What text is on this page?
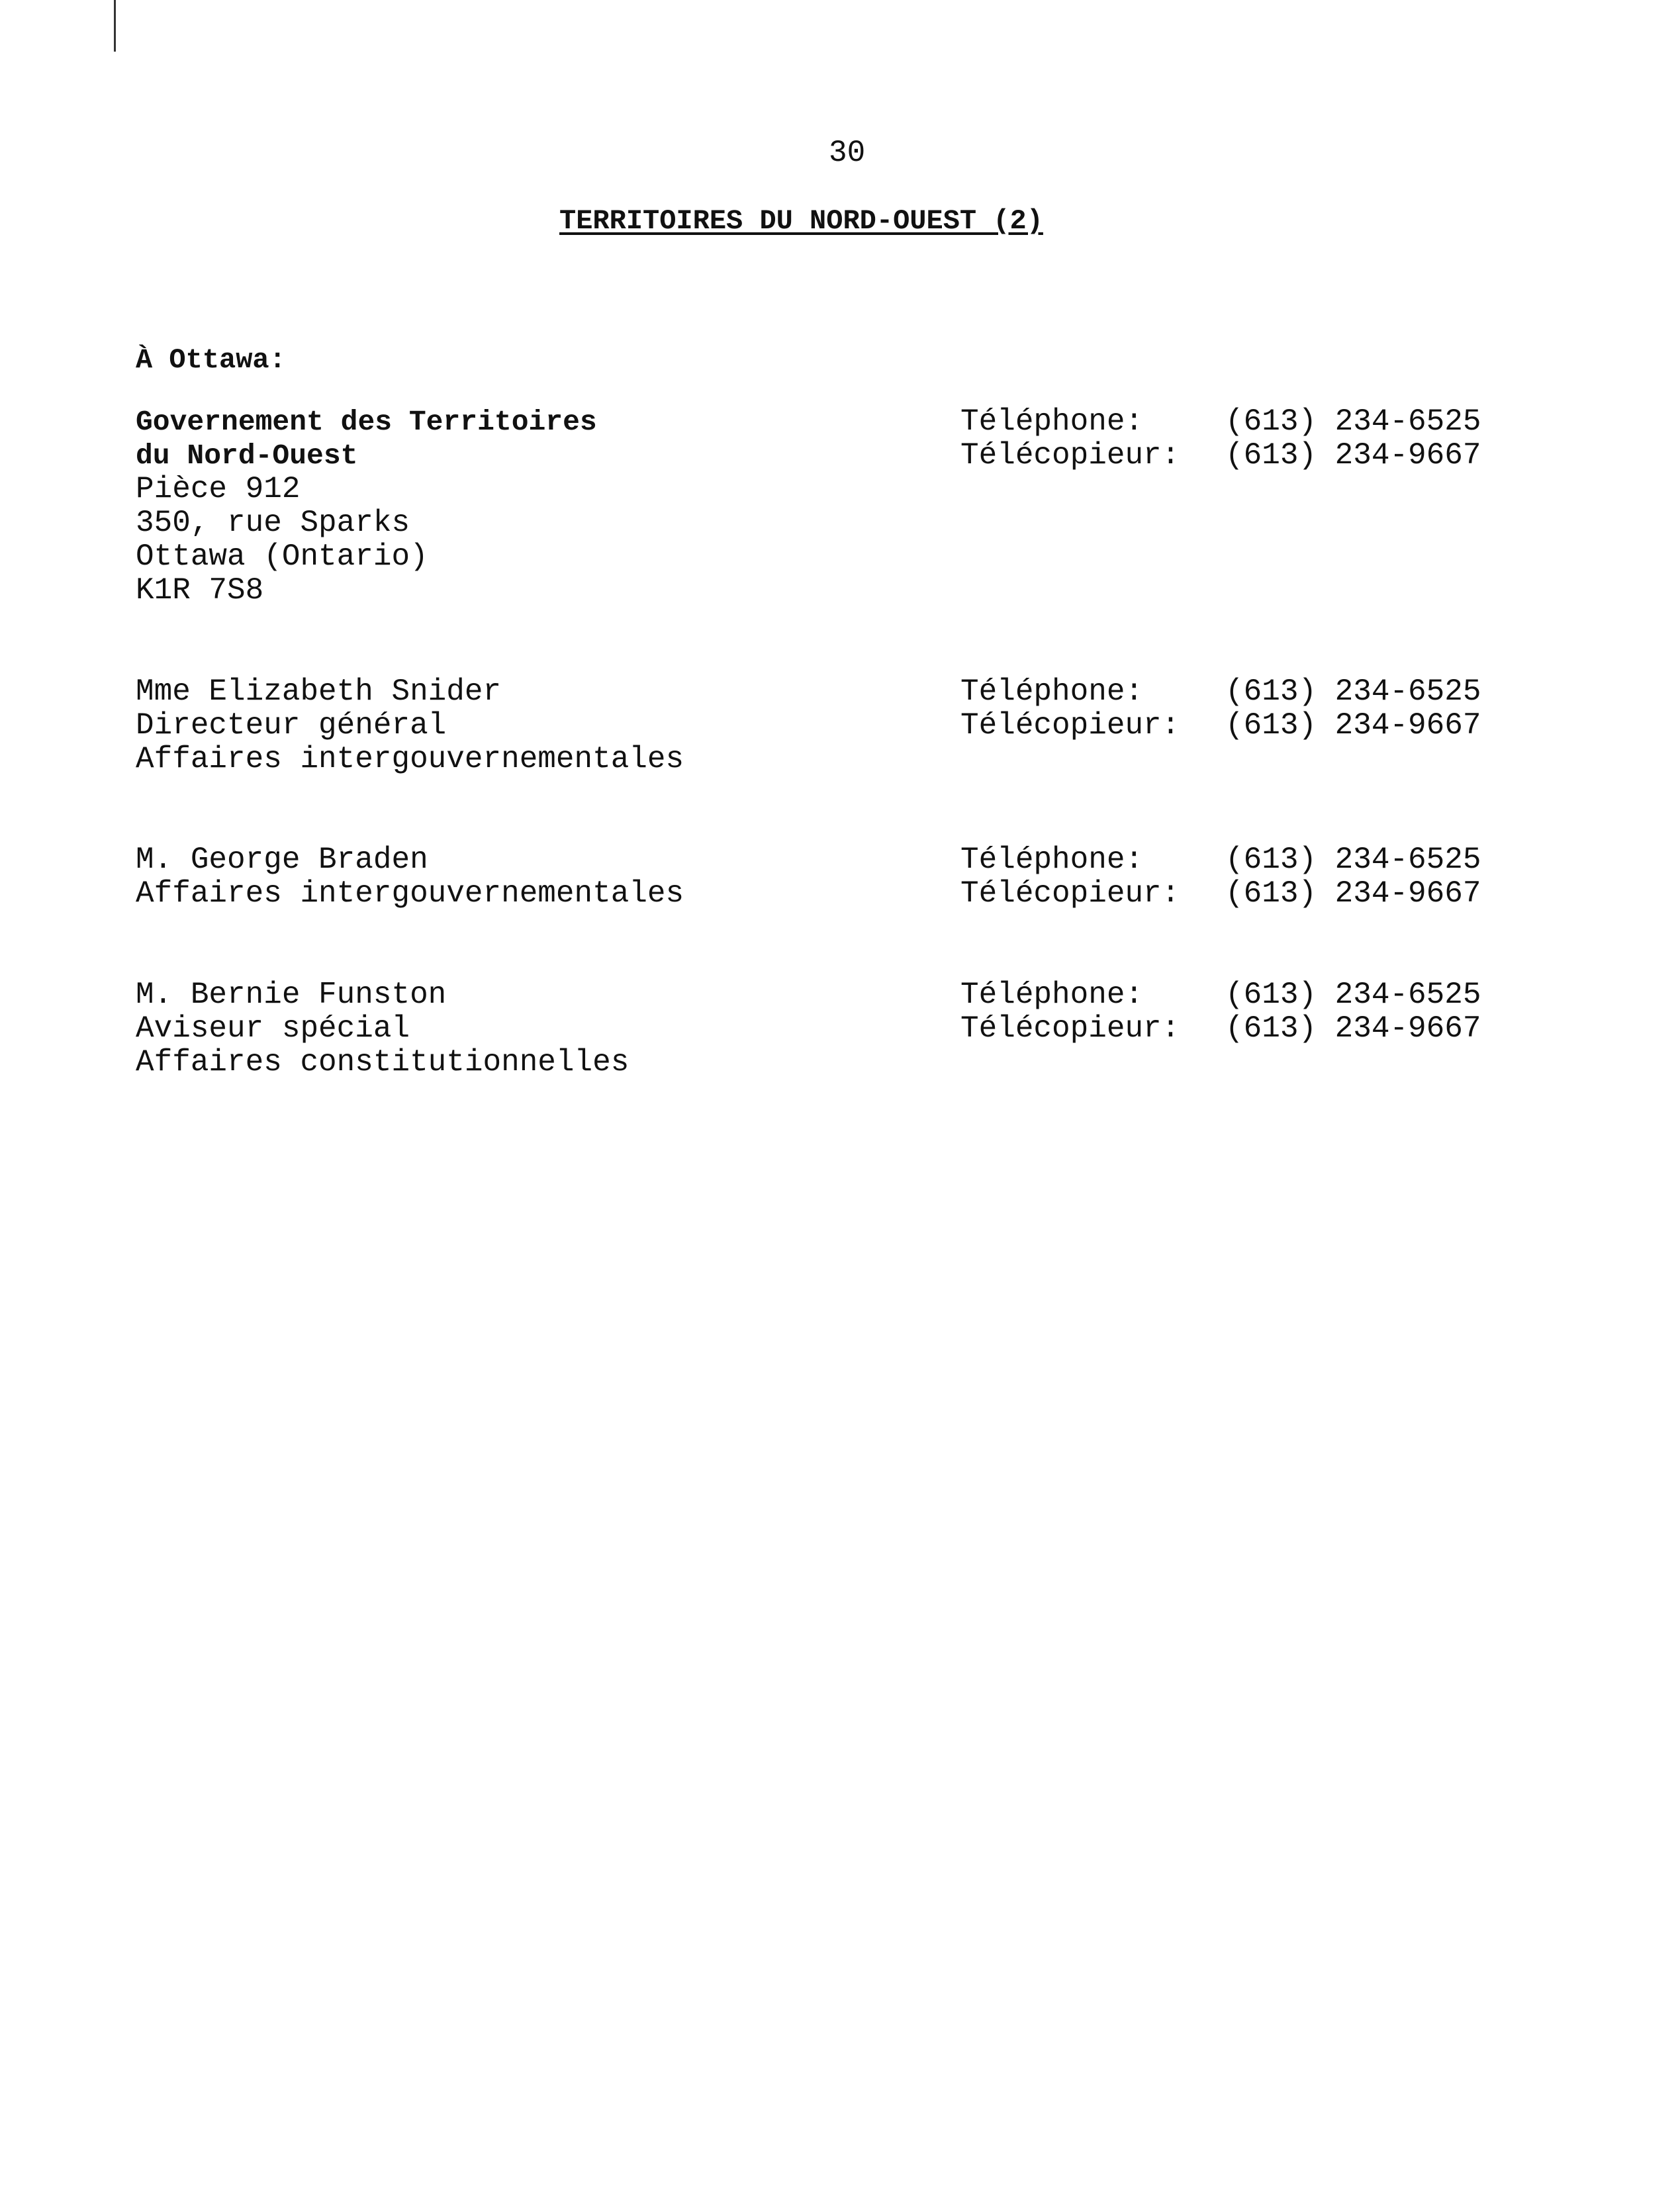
30
TERRITOIRES DU NORD-OUEST (2)
À Ottawa:
Governement des Territoires
du Nord-Ouest
Pièce 912
350, rue Sparks
Ottawa (Ontario)
K1R 7S8
Téléphone:	(613) 234-6525
Télécopieur:	(613) 234-9667
Mme Elizabeth Snider
Directeur général
Affaires intergouvernementales
Téléphone:	(613) 234-6525
Télécopieur:	(613) 234-9667
M. George Braden
Affaires intergouvernementales
Téléphone:	(613) 234-6525
Télécopieur:	(613) 234-9667
M. Bernie Funston
Aviseur spécial
Affaires constitutionnelles
Téléphone:	(613) 234-6525
Télécopieur:	(613) 234-9667
